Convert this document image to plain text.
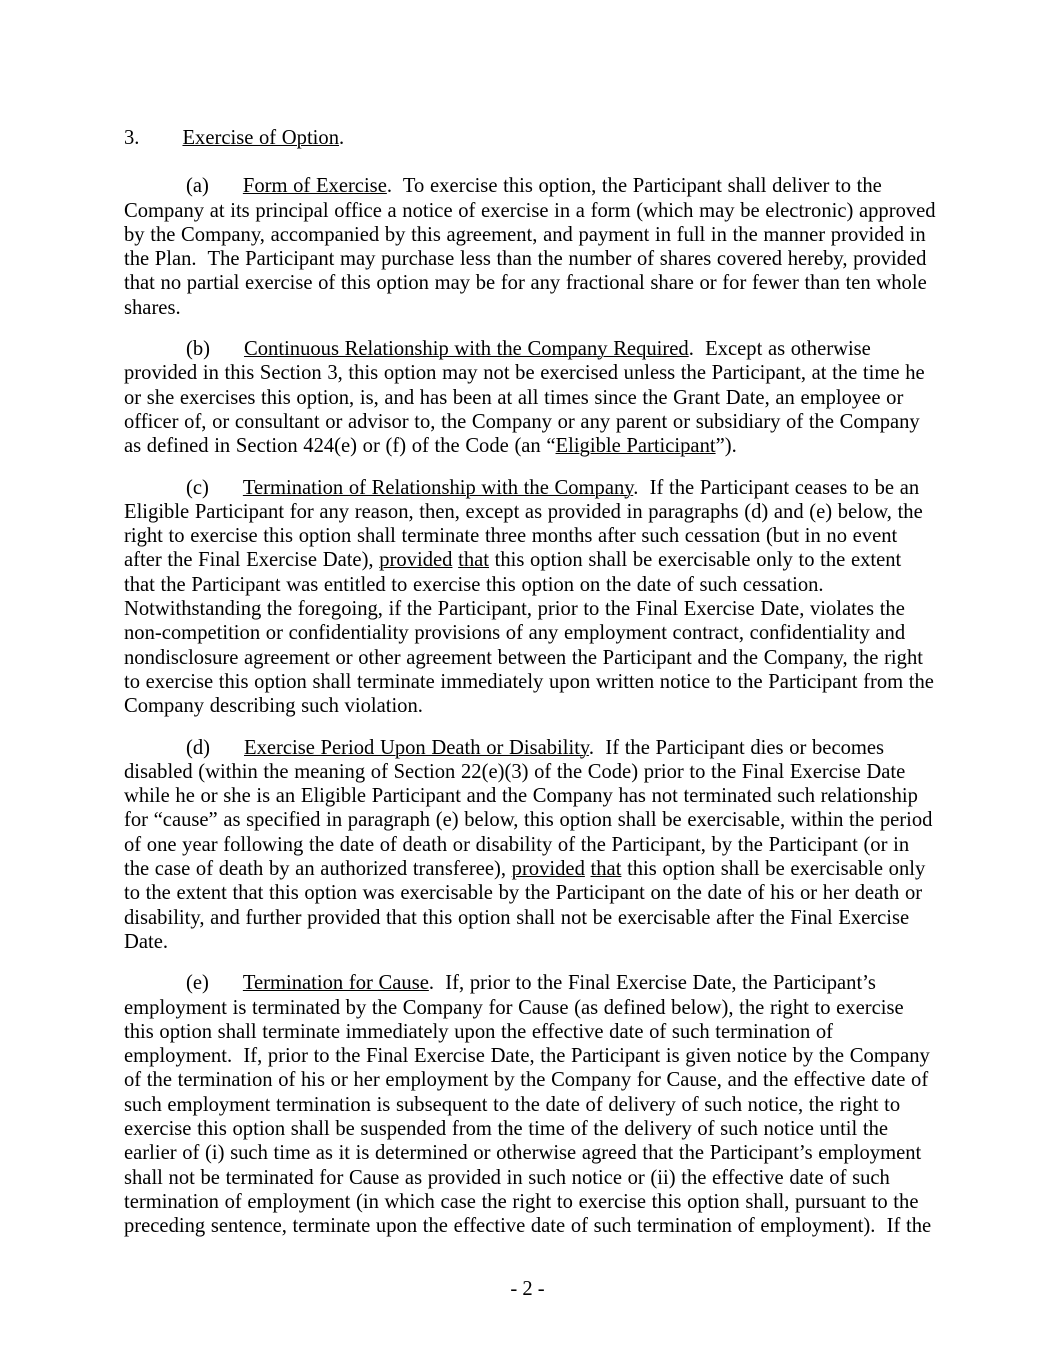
3. Exercise of Option.

(a) Form of Exercise.  To exercise this option, the Participant shall deliver to the Company at its principal office a notice of exercise in a form (which may be electronic) approved by the Company, accompanied by this agreement, and payment in full in the manner provided in the Plan.  The Participant may purchase less than the number of shares covered hereby, provided that no partial exercise of this option may be for any fractional share or for fewer than ten whole shares.

(b) Continuous Relationship with the Company Required.  Except as otherwise provided in this Section 3, this option may not be exercised unless the Participant, at the time he or she exercises this option, is, and has been at all times since the Grant Date, an employee or officer of, or consultant or advisor to, the Company or any parent or subsidiary of the Company as defined in Section 424(e) or (f) of the Code (an “Eligible Participant”).

(c) Termination of Relationship with the Company.  If the Participant ceases to be an Eligible Participant for any reason, then, except as provided in paragraphs (d) and (e) below, the right to exercise this option shall terminate three months after such cessation (but in no event after the Final Exercise Date), provided that this option shall be exercisable only to the extent that the Participant was entitled to exercise this option on the date of such cessation.  Notwithstanding the foregoing, if the Participant, prior to the Final Exercise Date, violates the non-competition or confidentiality provisions of any employment contract, confidentiality and nondisclosure agreement or other agreement between the Participant and the Company, the right to exercise this option shall terminate immediately upon written notice to the Participant from the Company describing such violation.

(d) Exercise Period Upon Death or Disability.  If the Participant dies or becomes disabled (within the meaning of Section 22(e)(3) of the Code) prior to the Final Exercise Date while he or she is an Eligible Participant and the Company has not terminated such relationship for “cause” as specified in paragraph (e) below, this option shall be exercisable, within the period of one year following the date of death or disability of the Participant, by the Participant (or in the case of death by an authorized transferee), provided that this option shall be exercisable only to the extent that this option was exercisable by the Participant on the date of his or her death or disability, and further provided that this option shall not be exercisable after the Final Exercise Date.

(e) Termination for Cause.  If, prior to the Final Exercise Date, the Participant’s employment is terminated by the Company for Cause (as defined below), the right to exercise this option shall terminate immediately upon the effective date of such termination of employment.  If, prior to the Final Exercise Date, the Participant is given notice by the Company of the termination of his or her employment by the Company for Cause, and the effective date of such employment termination is subsequent to the date of delivery of such notice, the right to exercise this option shall be suspended from the time of the delivery of such notice until the earlier of (i) such time as it is determined or otherwise agreed that the Participant’s employment shall not be terminated for Cause as provided in such notice or (ii) the effective date of such termination of employment (in which case the right to exercise this option shall, pursuant to the preceding sentence, terminate upon the effective date of such termination of employment).  If the

- 2 -
